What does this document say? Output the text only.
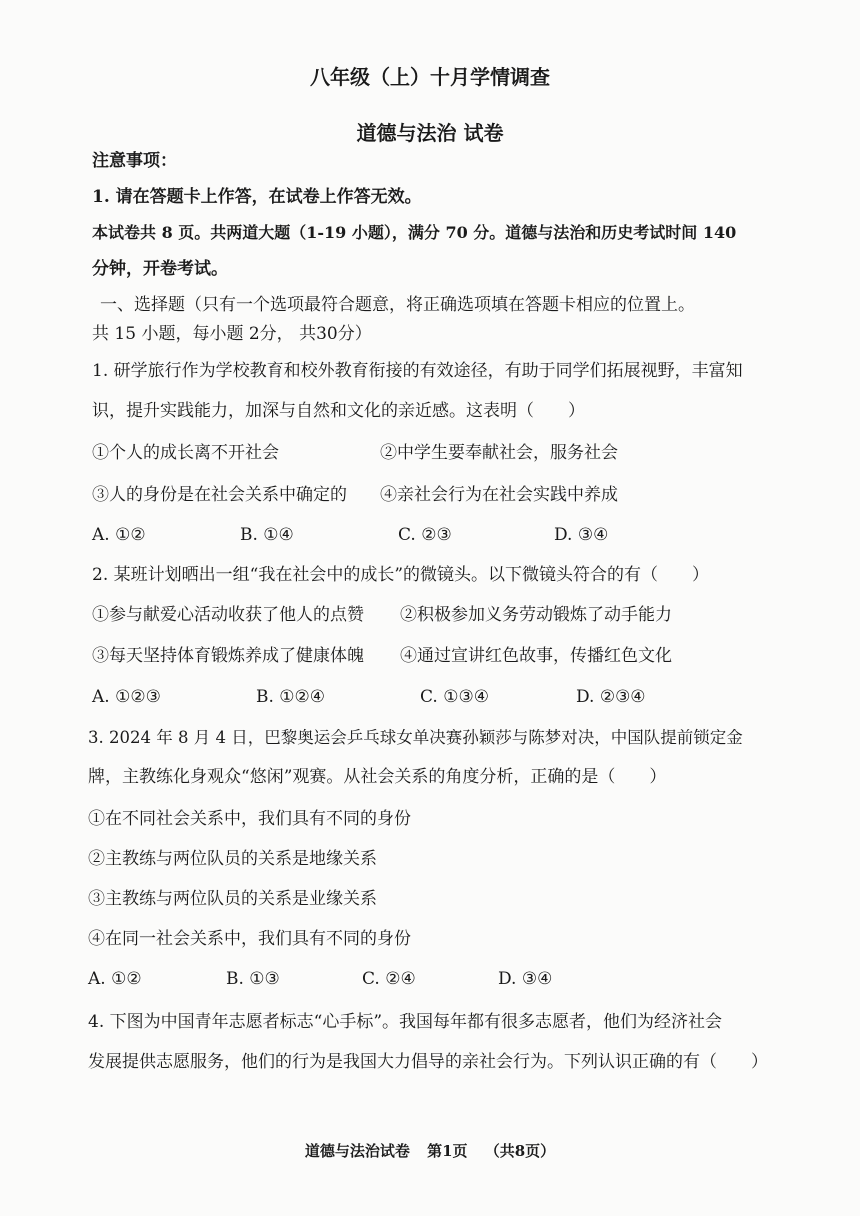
八年级（上）十月学情调查
道德与法治 试卷
注意事项：
1. 请在答题卡上作答，在试卷上作答无效。
本试卷共 8 页。共两道大题（1-19 小题），满分 70 分。道德与法治和历史考试时间 140
分钟，开卷考试。
一、选择题（只有一个选项最符合题意，将正确选项填在答题卡相应的位置上。
共 15 小题，每小题 2分， 共30分）
1. 研学旅行作为学校教育和校外教育衔接的有效途径，有助于同学们拓展视野，丰富知
识，提升实践能力，加深与自然和文化的亲近感。这表明（　　）
①个人的成长离不开社会	②中学生要奉献社会，服务社会
③人的身份是在社会关系中确定的 ④亲社会行为在社会实践中养成
A. ①②	B. ①④	C. ②③	D. ③④
2. 某班计划晒出一组“我在社会中的成长”的微镜头。以下微镜头符合的有（　　）
①参与献爱心活动收获了他人的点赞 ②积极参加义务劳动锻炼了动手能力
③每天坚持体育锻炼养成了健康体魄 ④通过宣讲红色故事，传播红色文化
A. ①②③	B. ①②④	C. ①③④	D. ②③④
3. 2024 年 8 月 4 日，巴黎奥运会乒乓球女单决赛孙颖莎与陈梦对决，中国队提前锁定金
牌，主教练化身观众“悠闲”观赛。从社会关系的角度分析，正确的是（　　）
①在不同社会关系中，我们具有不同的身份
②主教练与两位队员的关系是地缘关系
③主教练与两位队员的关系是业缘关系
④在同一社会关系中，我们具有不同的身份
A. ①②	B. ①③	C. ②④	D. ③④
4. 下图为中国青年志愿者标志“心手标”。我国每年都有很多志愿者，他们为经济社会
发展提供志愿服务，他们的行为是我国大力倡导的亲社会行为。下列认识正确的有（　　）
道德与法治试卷 第1页 （共8页）
